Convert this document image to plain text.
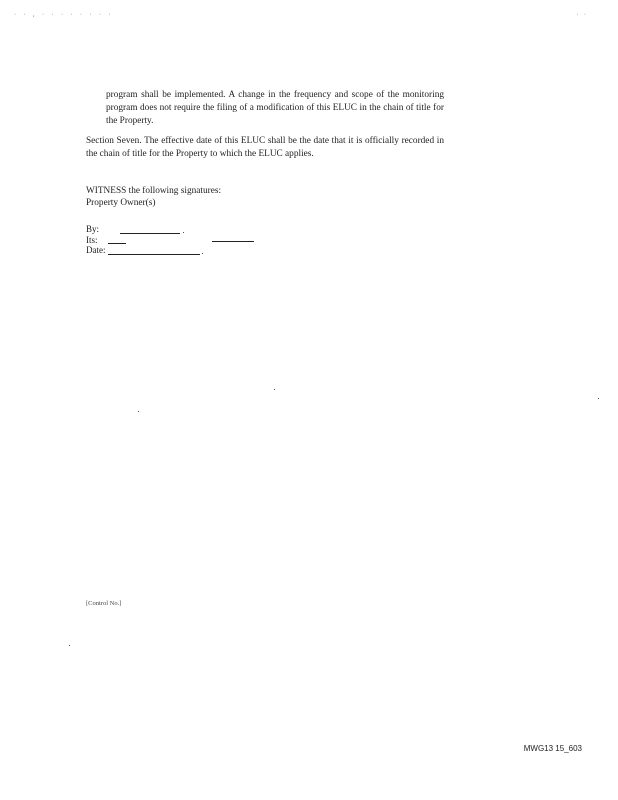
· · , · · · · · · · ·	· ·

program shall be implemented. A change in the frequency and scope of the monitoring program does not require the filing of a modification of this ELUC in the chain of title for the Property.

Section Seven. The effective date of this ELUC shall be the date that it is officially recorded in the chain of title for the Property to which the ELUC applies.

WITNESS the following signatures:
Property Owner(s)
By:
Its:
Date:
[Control No.]
MWG13 15_603
